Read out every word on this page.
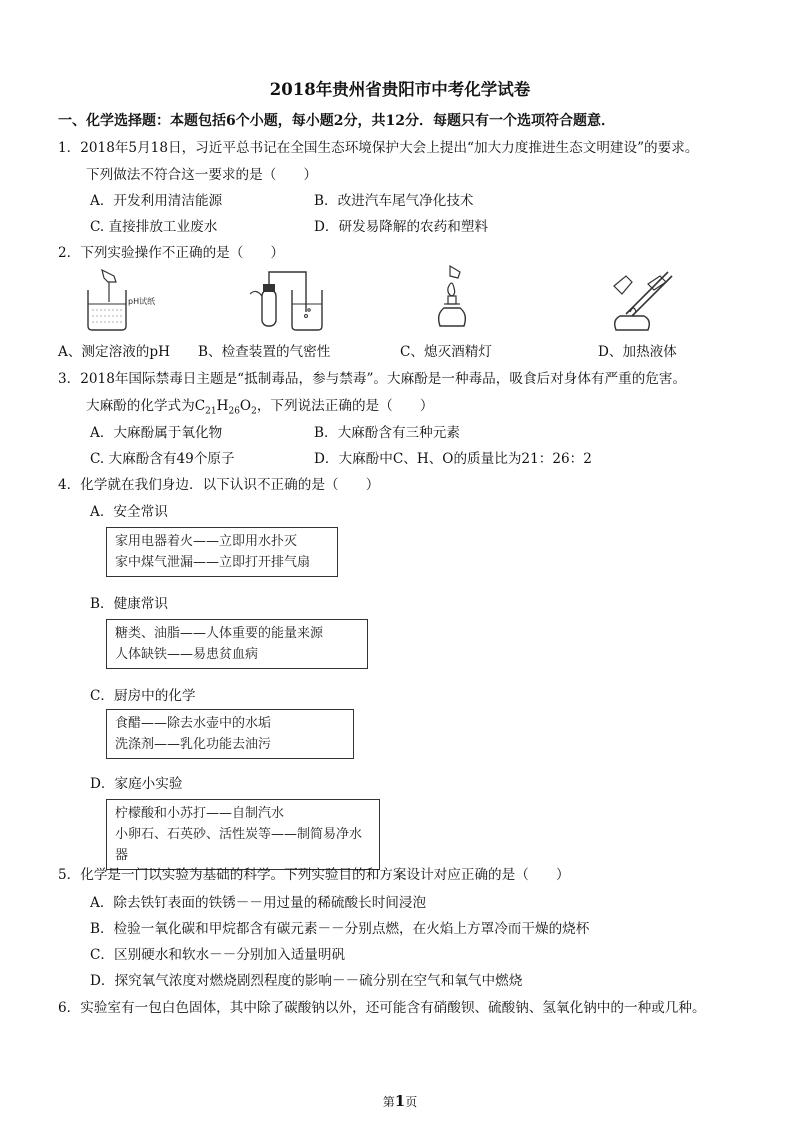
2018年贵州省贵阳市中考化学试卷
一、化学选择题：本题包括6个小题，每小题2分，共12分．每题只有一个选项符合题意．
1．2018年5月18日，习近平总书记在全国生态环境保护大会上提出“加大力度推进生态文明建设”的要求。
下列做法不符合这一要求的是（　　）
A．开发利用清洁能源	B．改进汽车尾气净化技术
C. 直接排放工业废水	D．研发易降解的农药和塑料
2．下列实验操作不正确的是（　　）
pH试纸
A、测定溶液的pH B、检查装置的气密性	C、熄灭酒精灯	D、加热液体
3．2018年国际禁毒日主题是“抵制毒品，参与禁毒”。大麻酚是一种毒品，吸食后对身体有严重的危害。
大麻酚的化学式为$C_{21}H_{26}O_2$，下列说法正确的是（　　）
A．大麻酚属于氧化物	B．大麻酚含有三种元素
C. 大麻酚含有49个原子	D．大麻酚中C、H、O的质量比为21：26：2
4．化学就在我们身边．以下认识不正确的是（　　）
A．安全常识
家用电器着火——立即用水扑灭
家中煤气泄漏——立即打开排气扇
B．健康常识
糖类、油脂——人体重要的能量来源
人体缺铁——易患贫血病
C．厨房中的化学
食醋——除去水壶中的水垢
洗涤剂——乳化功能去油污
D．家庭小实验
柠檬酸和小苏打——自制汽水
小卵石、石英砂、活性炭等——制简易净水器
5．化学是一门以实验为基础的科学。下列实验目的和方案设计对应正确的是（　　）
A．除去铁钉表面的铁锈－－用过量的稀硫酸长时间浸泡
B．检验一氧化碳和甲烷都含有碳元素－－分别点燃，在火焰上方罩冷而干燥的烧杯
C．区别硬水和软水－－分别加入适量明矾
D．探究氧气浓度对燃烧剧烈程度的影响－－硫分别在空气和氧气中燃烧
6．实验室有一包白色固体，其中除了碳酸钠以外，还可能含有硝酸钡、硫酸钠、氢氧化钠中的一种或几种。
第1页
